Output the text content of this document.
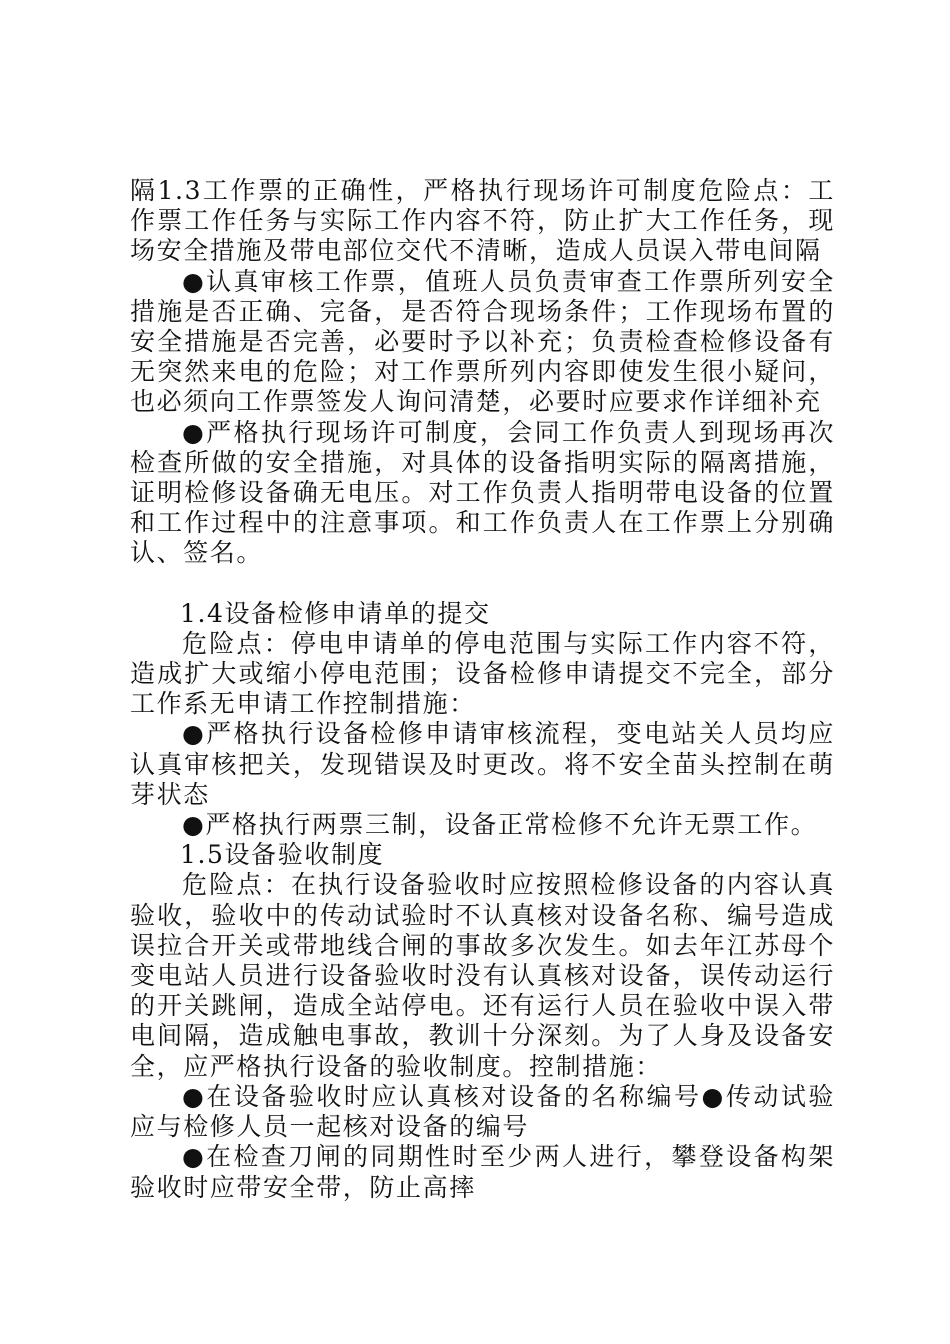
隔1.3工作票的正确性，严格执行现场许可制度危险点：工作票工作任务与实际工作内容不符，防止扩大工作任务，现场安全措施及带电部位交代不清晰，造成人员误入带电间隔

●认真审核工作票，值班人员负责审查工作票所列安全措施是否正确、完备，是否符合现场条件；工作现场布置的安全措施是否完善，必要时予以补充；负责检查检修设备有无突然来电的危险；对工作票所列内容即使发生很小疑问，也必须向工作票签发人询问清楚，必要时应要求作详细补充

●严格执行现场许可制度，会同工作负责人到现场再次检查所做的安全措施，对具体的设备指明实际的隔离措施，证明检修设备确无电压。对工作负责人指明带电设备的位置和工作过程中的注意事项。和工作负责人在工作票上分别确认、签名。

1.4设备检修申请单的提交

危险点：停电申请单的停电范围与实际工作内容不符，造成扩大或缩小停电范围；设备检修申请提交不完全，部分工作系无申请工作控制措施：

●严格执行设备检修申请审核流程，变电站关人员均应认真审核把关，发现错误及时更改。将不安全苗头控制在萌芽状态

●严格执行两票三制，设备正常检修不允许无票工作。

1.5设备验收制度

危险点：在执行设备验收时应按照检修设备的内容认真验收，验收中的传动试验时不认真核对设备名称、编号造成误拉合开关或带地线合闸的事故多次发生。如去年江苏母个变电站人员进行设备验收时没有认真核对设备，误传动运行的开关跳闸，造成全站停电。还有运行人员在验收中误入带电间隔，造成触电事故，教训十分深刻。为了人身及设备安全，应严格执行设备的验收制度。控制措施：

●在设备验收时应认真核对设备的名称编号●传动试验应与检修人员一起核对设备的编号

●在检查刀闸的同期性时至少两人进行，攀登设备构架验收时应带安全带，防止高摔
